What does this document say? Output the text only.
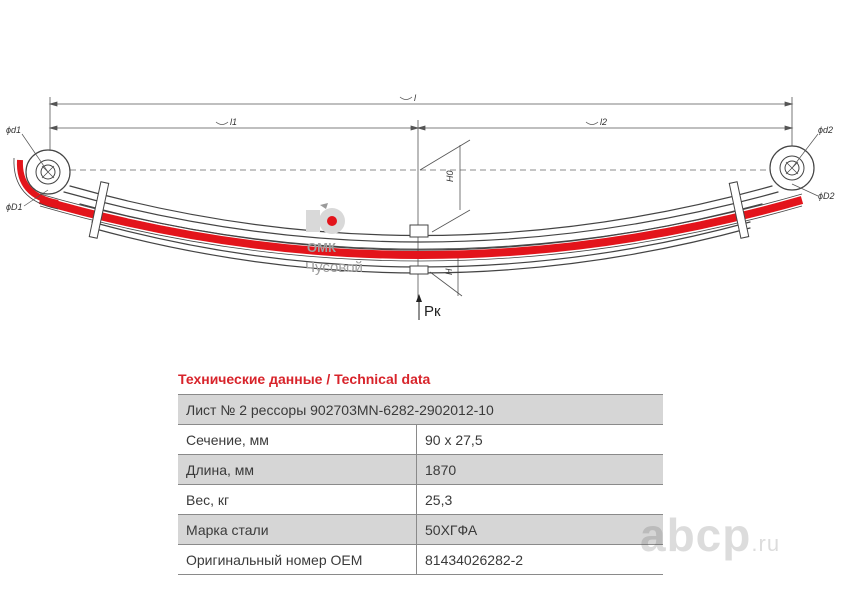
l
l1	l2
H0
H
ϕd1
ϕD1
ϕd2
ϕD2
Рк
ОМК
Чусовой
Технические данные / Technical data
Лист № 2 рессоры 902703MN-6282-2902012-10	
Сечение, мм	90 х 27,5
Длина, мм	1870
Вес, кг	25,3
Марка стали	50ХГФА
Оригинальный номер OEM	81434026282-2	abcp.ru
